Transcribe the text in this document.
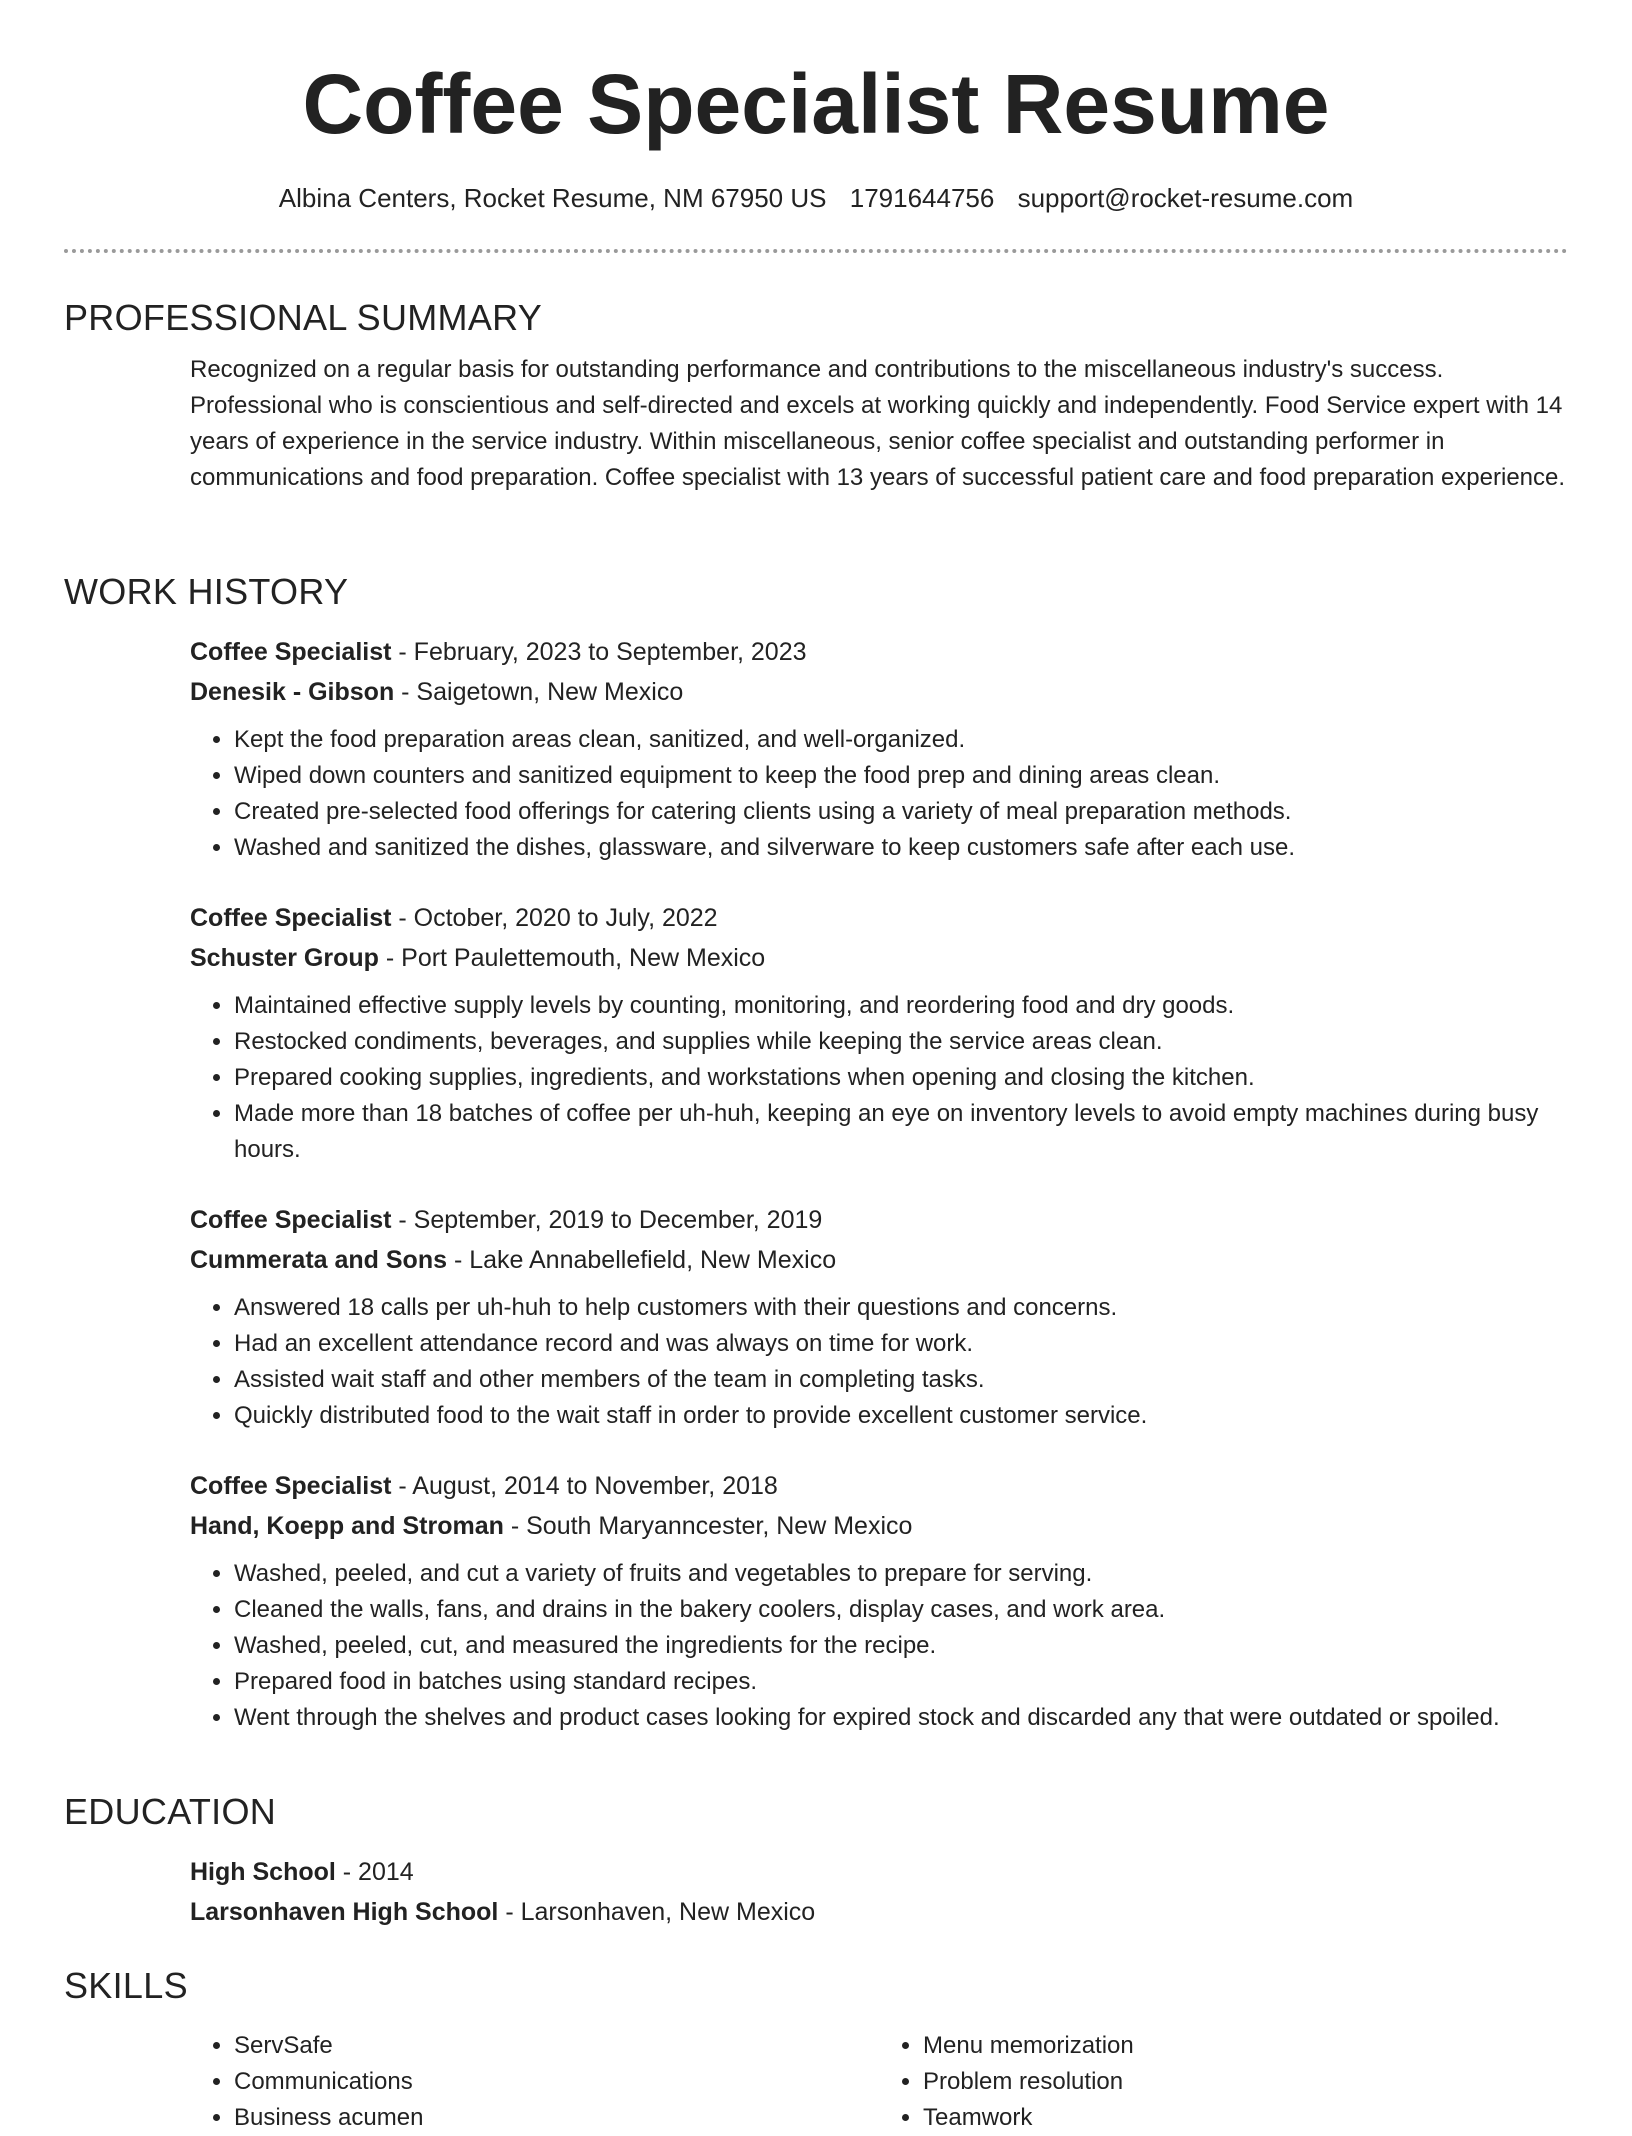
Coffee Specialist Resume
Albina Centers, Rocket Resume, NM 67950 US 1791644756 support@rocket-resume.com
PROFESSIONAL SUMMARY

Recognized on a regular basis for outstanding performance and contributions to the miscellaneous industry's success. Professional who is conscientious and self-directed and excels at working quickly and independently. Food Service expert with 14 years of experience in the service industry. Within miscellaneous, senior coffee specialist and outstanding performer in communications and food preparation. Coffee specialist with 13 years of successful patient care and food preparation experience.

WORK HISTORY

Coffee Specialist - February, 2023 to September, 2023

Denesik - Gibson - Saigetown, New Mexico

• Kept the food preparation areas clean, sanitized, and well-organized.
• Wiped down counters and sanitized equipment to keep the food prep and dining areas clean.
• Created pre-selected food offerings for catering clients using a variety of meal preparation methods.
• Washed and sanitized the dishes, glassware, and silverware to keep customers safe after each use.

Coffee Specialist - October, 2020 to July, 2022

Schuster Group - Port Paulettemouth, New Mexico

• Maintained effective supply levels by counting, monitoring, and reordering food and dry goods.
• Restocked condiments, beverages, and supplies while keeping the service areas clean.
• Prepared cooking supplies, ingredients, and workstations when opening and closing the kitchen.
• Made more than 18 batches of coffee per uh-huh, keeping an eye on inventory levels to avoid empty machines during busy hours.

Coffee Specialist - September, 2019 to December, 2019

Cummerata and Sons - Lake Annabellefield, New Mexico

• Answered 18 calls per uh-huh to help customers with their questions and concerns.
• Had an excellent attendance record and was always on time for work.
• Assisted wait staff and other members of the team in completing tasks.
• Quickly distributed food to the wait staff in order to provide excellent customer service.

Coffee Specialist - August, 2014 to November, 2018

Hand, Koepp and Stroman - South Maryanncester, New Mexico

• Washed, peeled, and cut a variety of fruits and vegetables to prepare for serving.
• Cleaned the walls, fans, and drains in the bakery coolers, display cases, and work area.
• Washed, peeled, cut, and measured the ingredients for the recipe.
• Prepared food in batches using standard recipes.
• Went through the shelves and product cases looking for expired stock and discarded any that were outdated or spoiled.
EDUCATION

High School - 2014

Larsonhaven High School - Larsonhaven, New Mexico

SKILLS
• ServSafe
• Communications
• Business acumen
• Menu memorization
• Problem resolution
• Teamwork
